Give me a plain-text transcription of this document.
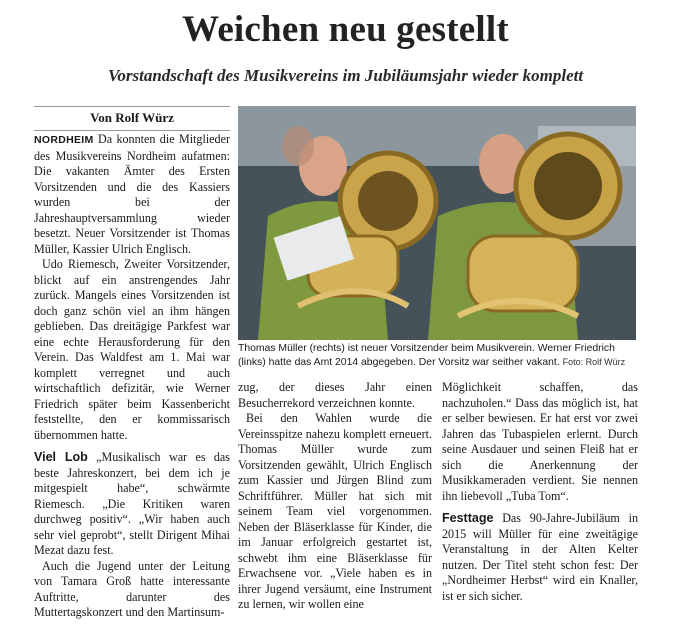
Weichen neu gestellt
Vorstandschaft des Musikvereins im Jubiläumsjahr wieder komplett
Von Rolf Würz

NORDHEIM Da konnten die Mitglieder des Musikvereins Nordheim aufatmen: Die vakanten Ämter des Ersten Vorsitzenden und die des Kassiers wurden bei der Jahreshauptversammlung wieder besetzt. Neuer Vorsitzender ist Thomas Müller, Kassier Ulrich Englisch.

Udo Riemesch, Zweiter Vorsitzender, blickt auf ein anstrengendes Jahr zurück. Mangels eines Vorsitzenden ist doch ganz schön viel an ihm hängen geblieben. Das dreitägige Parkfest war eine echte Herausforderung für den Verein. Das Waldfest am 1. Mai war komplett verregnet und auch wirtschaftlich defizitär, wie Werner Friedrich später beim Kassenbericht feststellte, den er kommissarisch übernommen hatte.

Viel Lob „Musikalisch war es das beste Jahreskonzert, bei dem ich je mitgespielt habe“, schwärmte Riemesch. „Die Kritiken waren durchweg positiv“. „Wir haben auch sehr viel geprobt“, stellt Dirigent Mihai Mezat dazu fest.

Auch die Jugend unter der Leitung von Tamara Groß hatte interessante Auftritte, darunter des Muttertagskonzert und den Martinsum-

Thomas Müller (rechts) ist neuer Vorsitzender beim Musikverein. Werner Friedrich (links) hatte das Amt 2014 abgegeben. Der Vorsitz war seither vakant. Foto: Rolf Würz

zug, der dieses Jahr einen Besucherrekord verzeichnen konnte.

Bei den Wahlen wurde die Vereinsspitze nahezu komplett erneuert. Thomas Müller wurde zum Vorsitzenden gewählt, Ulrich Englisch zum Kassier und Jürgen Blind zum Schriftführer. Müller hat sich mit seinem Team viel vorgenommen. Neben der Bläserklasse für Kinder, die im Januar erfolgreich gestartet ist, schwebt ihm eine Bläserklasse für Erwachsene vor. „Viele haben es in ihrer Jugend versäumt, eine Instrument zu lernen, wir wollen eine

Möglichkeit schaffen, das nachzuholen.“ Dass das möglich ist, hat er selber bewiesen. Er hat erst vor zwei Jahren das Tubaspielen erlernt. Durch seine Ausdauer und seinen Fleiß hat er sich die Anerkennung der Musikkameraden verdient. Sie nennen ihn liebevoll „Tuba Tom“.

Festtage Das 90-Jahre-Jubiläum in 2015 will Müller für eine zweitägige Veranstaltung in der Alten Kelter nutzen. Der Titel steht schon fest: Der „Nordheimer Herbst“ wird ein Knaller, ist er sich sicher.
